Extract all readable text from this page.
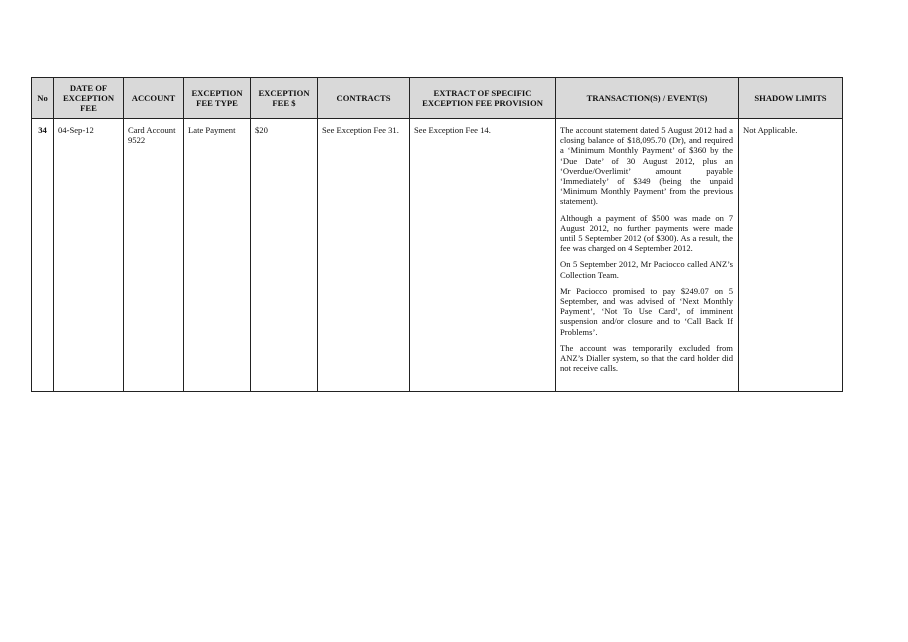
No	DATE OF EXCEPTION FEE	ACCOUNT	EXCEPTION FEE TYPE	EXCEPTION FEE $	CONTRACTS	EXTRACT OF SPECIFIC EXCEPTION FEE PROVISION	TRANSACTION(S) / EVENT(S)	SHADOW LIMITS
34	04-Sep-12	Card Account 9522	Late Payment	$20	See Exception Fee 31.	See Exception Fee 14.	The account statement dated 5 August 2012 had a closing balance of $18,095.70 (Dr), and required a ‘Minimum Monthly Payment’ of $360 by the ‘Due Date’ of 30 August 2012, plus an ‘Overdue/Overlimit’ amount payable ‘Immediately’ of $349 (being the unpaid ‘Minimum Monthly Payment’ from the previous statement).

Although a payment of $500 was made on 7 August 2012, no further payments were made until 5 September 2012 (of $300). As a result, the fee was charged on 4 September 2012.

On 5 September 2012, Mr Paciocco called ANZ’s Collection Team.

Mr Paciocco promised to pay $249.07 on 5 September, and was advised of ‘Next Monthly Payment’, ‘Not To Use Card’, of imminent suspension and/or closure and to ‘Call Back If Problems’.

The account was temporarily excluded from ANZ’s Dialler system, so that the card holder did not receive calls.	Not Applicable.
